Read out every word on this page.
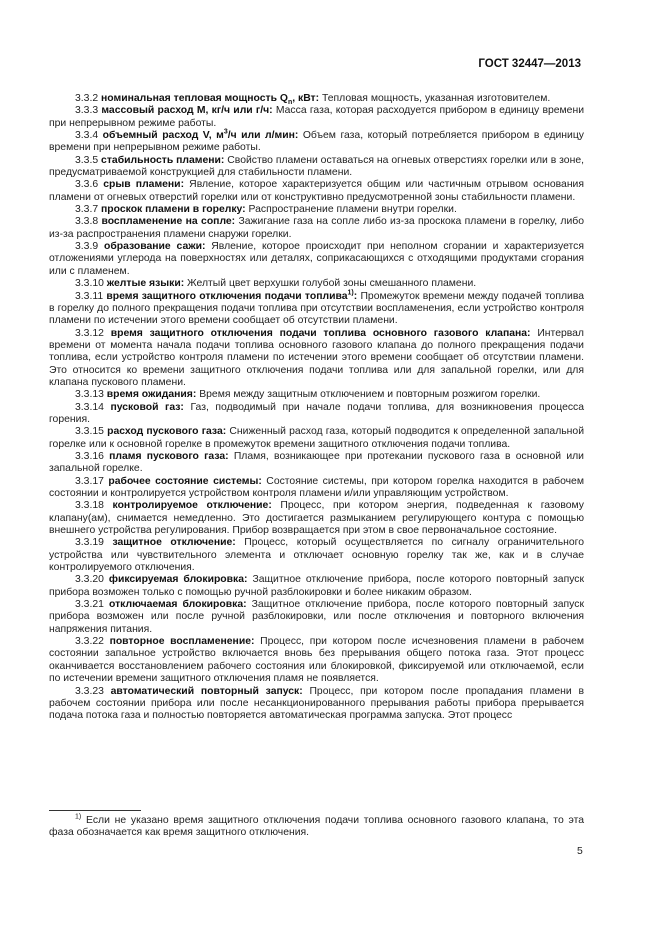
ГОСТ 32447—2013

3.3.2 номинальная тепловая мощность $Q_n$, кВт: Тепловая мощность, указанная изготовителем.

3.3.3 массовый расход M, кг/ч или г/ч: Масса газа, которая расходуется прибором в единицу времени при непрерывном режиме работы.

3.3.4 объемный расход V, $м^3/ч$ или л/мин: Объем газа, который потребляется прибором в единицу времени при непрерывном режиме работы.

3.3.5 стабильность пламени: Свойство пламени оставаться на огневых отверстиях горелки или в зоне, предусматриваемой конструкцией для стабильности пламени.

3.3.6 срыв пламени: Явление, которое характеризуется общим или частичным отрывом основания пламени от огневых отверстий горелки или от конструктивно предусмотренной зоны стабильности пламени.

3.3.7 проскок пламени в горелку: Распространение пламени внутри горелки.

3.3.8 воспламенение на сопле: Зажигание газа на сопле либо из-за проскока пламени в горелку, либо из-за распространения пламени снаружи горелки.

3.3.9 образование сажи: Явление, которое происходит при неполном сгорании и характеризуется отложениями углерода на поверхностях или деталях, соприкасающихся с отходящими продуктами сгорания или с пламенем.

3.3.10 желтые языки: Желтый цвет верхушки голубой зоны смешанного пламени.

3.3.11 время защитного отключения подачи топлива$^{1)}$: Промежуток времени между подачей топлива в горелку до полного прекращения подачи топлива при отсутствии воспламенения, если устройство контроля пламени по истечении этого времени сообщает об отсутствии пламени.

3.3.12 время защитного отключения подачи топлива основного газового клапана: Интервал времени от момента начала подачи топлива основного газового клапана до полного прекращения подачи топлива, если устройство контроля пламени по истечении этого времени сообщает об отсутствии пламени. Это относится ко времени защитного отключения подачи топлива или для запальной горелки, или для клапана пускового пламени.

3.3.13 время ожидания: Время между защитным отключением и повторным розжигом горелки.

3.3.14 пусковой газ: Газ, подводимый при начале подачи топлива, для возникновения процесса горения.

3.3.15 расход пускового газа: Сниженный расход газа, который подводится к определенной запальной горелке или к основной горелке в промежуток времени защитного отключения подачи топлива.

3.3.16 пламя пускового газа: Пламя, возникающее при протекании пускового газа в основной или запальной горелке.

3.3.17 рабочее состояние системы: Состояние системы, при котором горелка находится в рабочем состоянии и контролируется устройством контроля пламени и/или управляющим устройством.

3.3.18 контролируемое отключение: Процесс, при котором энергия, подведенная к газовому клапану(ам), снимается немедленно. Это достигается размыканием регулирующего контура с помощью внешнего устройства регулирования. Прибор возвращается при этом в свое первоначальное состояние.

3.3.19 защитное отключение: Процесс, который осуществляется по сигналу ограничительного устройства или чувствительного элемента и отключает основную горелку так же, как и в случае контролируемого отключения.

3.3.20 фиксируемая блокировка: Защитное отключение прибора, после которого повторный запуск прибора возможен только с помощью ручной разблокировки и более никаким образом.

3.3.21 отключаемая блокировка: Защитное отключение прибора, после которого повторный запуск прибора возможен или после ручной разблокировки, или после отключения и повторного включения напряжения питания.

3.3.22 повторное воспламенение: Процесс, при котором после исчезновения пламени в рабочем состоянии запальное устройство включается вновь без прерывания общего потока газа. Этот процесс оканчивается восстановлением рабочего состояния или блокировкой, фиксируемой или отключаемой, если по истечении времени защитного отключения пламя не появляется.

3.3.23 автоматический повторный запуск: Процесс, при котором после пропадания пламени в рабочем состоянии прибора или после несанкционированного прерывания работы прибора прерывается подача потока газа и полностью повторяется автоматическая программа запуска. Этот процесс

$^{1)}$ Если не указано время защитного отключения подачи топлива основного газового клапана, то эта фаза обозначается как время защитного отключения.

5
